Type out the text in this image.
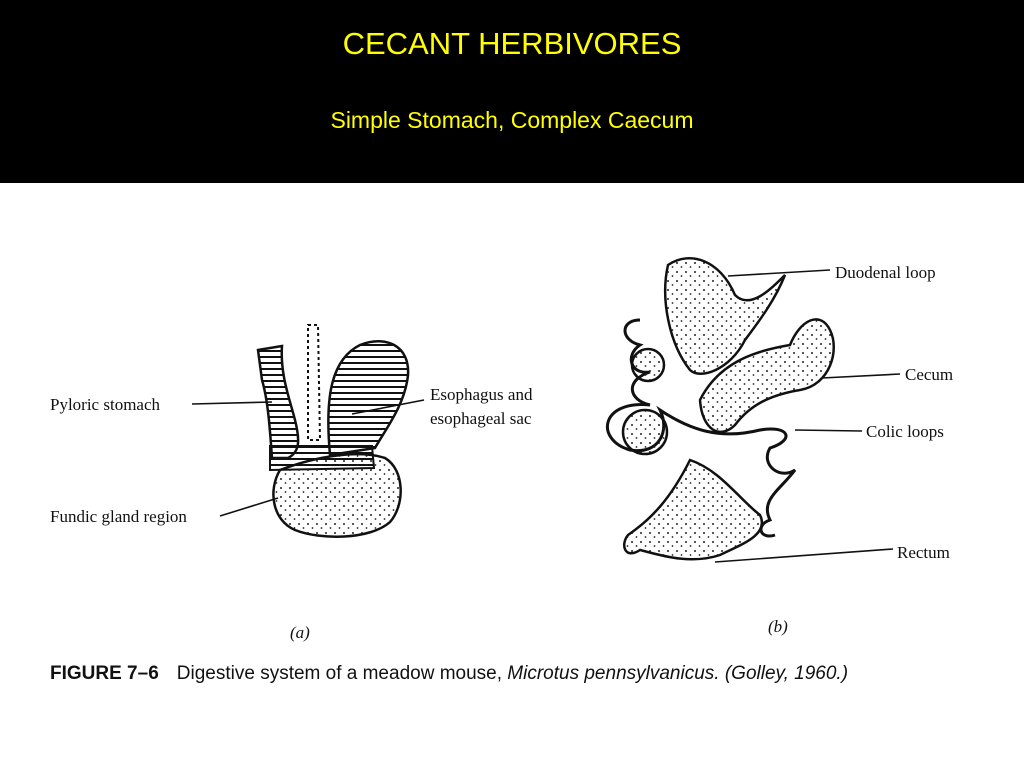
CECANT HERBIVORES
Simple Stomach, Complex Caecum
Pyloric stomach
Esophagus and
esophageal sac
Fundic gland region
(a)
Duodenal loop
Cecum
Colic loops
Rectum
(b)
FIGURE 7–6 Digestive system of a meadow mouse, Microtus pennsylvanicus. (Golley, 1960.)
